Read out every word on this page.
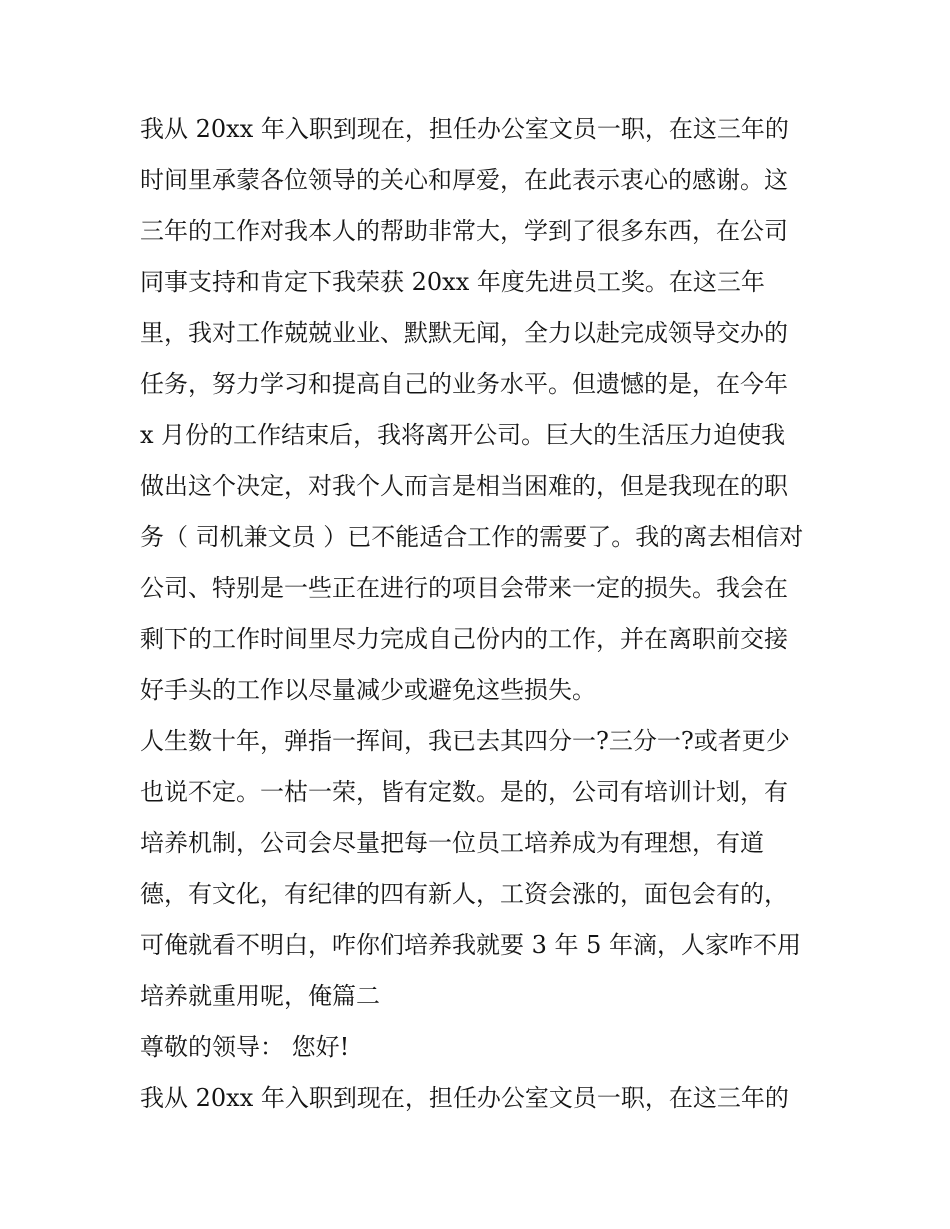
我从 20xx 年入职到现在，担任办公室文员一职，在这三年的
时间里承蒙各位领导的关心和厚爱，在此表示衷心的感谢。这
三年的工作对我本人的帮助非常大，学到了很多东西，在公司
同事支持和肯定下我荣获 20xx 年度先进员工奖。在这三年
里，我对工作兢兢业业、默默无闻，全力以赴完成领导交办的
任务，努力学习和提高自己的业务水平。但遗憾的是，在今年
x 月份的工作结束后，我将离开公司。巨大的生活压力迫使我
做出这个决定，对我个人而言是相当困难的，但是我现在的职
务（ 司机兼文员 ）已不能适合工作的需要了。我的离去相信对
公司、特别是一些正在进行的项目会带来一定的损失。我会在
剩下的工作时间里尽力完成自己份内的工作，并在离职前交接
好手头的工作以尽量减少或避免这些损失。
人生数十年，弹指一挥间，我已去其四分一?三分一?或者更少
也说不定。一枯一荣，皆有定数。是的，公司有培训计划，有
培养机制，公司会尽量把每一位员工培养成为有理想，有道
德，有文化，有纪律的四有新人，工资会涨的，面包会有的，
可俺就看不明白，咋你们培养我就要 3 年 5 年滴，人家咋不用
培养就重用呢，俺篇二
尊敬的领导： 您好!
我从 20xx 年入职到现在，担任办公室文员一职，在这三年的
